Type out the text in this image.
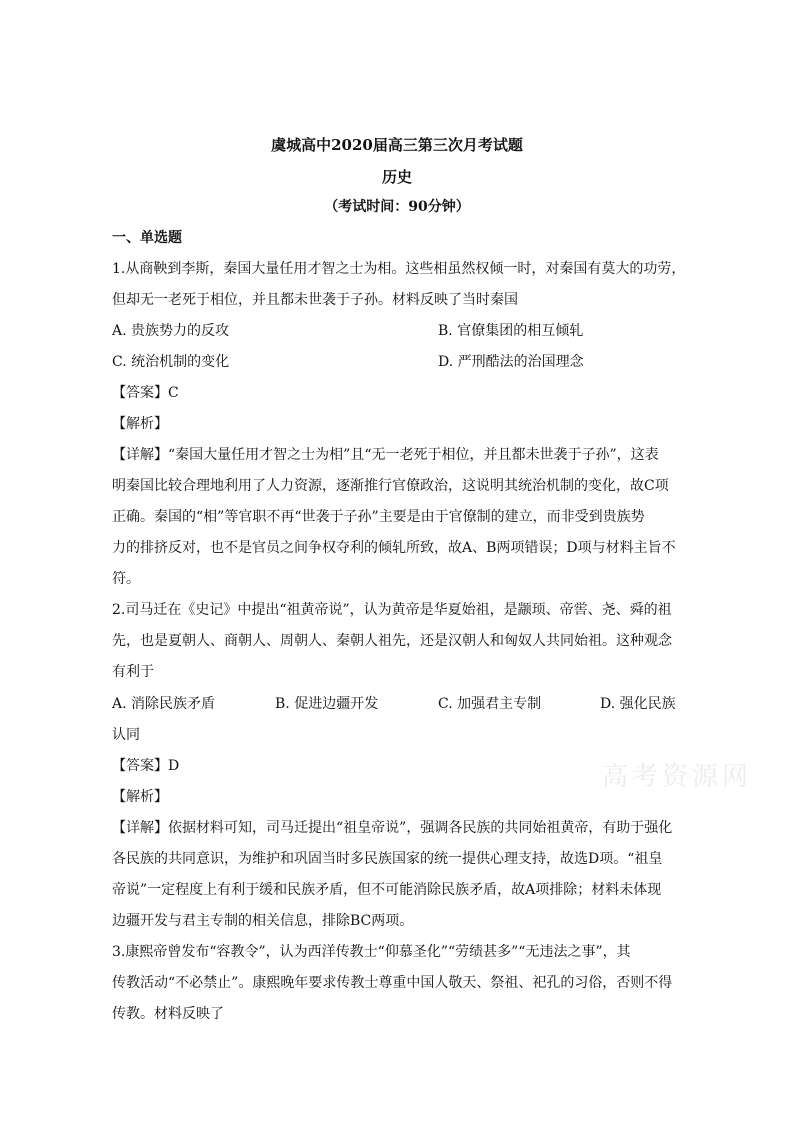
虞城高中2020届高三第三次月考试题
历史
（考试时间：90分钟）
一、单选题
1.从商鞅到李斯，秦国大量任用才智之士为相。这些相虽然权倾一时，对秦国有莫大的功劳，
但却无一老死于相位，并且都未世袭于子孙。材料反映了当时秦国
A. 贵族势力的反攻	B. 官僚集团的相互倾轧
C. 统治机制的变化	D. 严刑酷法的治国理念
【答案】C
【解析】
【详解】“秦国大量任用才智之士为相”且“无一老死于相位，并且都未世袭于子孙”，这表
明秦国比较合理地利用了人力资源，逐渐推行官僚政治，这说明其统治机制的变化，故C项
正确。秦国的“相”等官职不再“世袭于子孙”主要是由于官僚制的建立，而非受到贵族势
力的排挤反对，也不是官员之间争权夺利的倾轧所致，故A、B两项错误；D项与材料主旨不
符。
2.司马迁在《史记》中提出“祖黄帝说”，认为黄帝是华夏始祖，是颛顼、帝喾、尧、舜的祖
先，也是夏朝人、商朝人、周朝人、秦朝人祖先，还是汉朝人和匈奴人共同始祖。这种观念
有利于
A. 消除民族矛盾	B. 促进边疆开发	C. 加强君主专制	D. 强化民族
认同
【答案】D
【解析】
【详解】依据材料可知，司马迁提出“祖皇帝说”，强调各民族的共同始祖黄帝，有助于强化
各民族的共同意识，为维护和巩固当时多民族国家的统一提供心理支持，故选D项。“祖皇
帝说”一定程度上有利于缓和民族矛盾，但不可能消除民族矛盾，故A项排除；材料未体现
边疆开发与君主专制的相关信息，排除BC两项。
3.康熙帝曾发布“容教令”，认为西洋传教士“仰慕圣化”“劳绩甚多”“无违法之事”，其
传教活动“不必禁止”。康熙晚年要求传教士尊重中国人敬天、祭祖、祀孔的习俗，否则不得
传教。材料反映了
高考资源网
